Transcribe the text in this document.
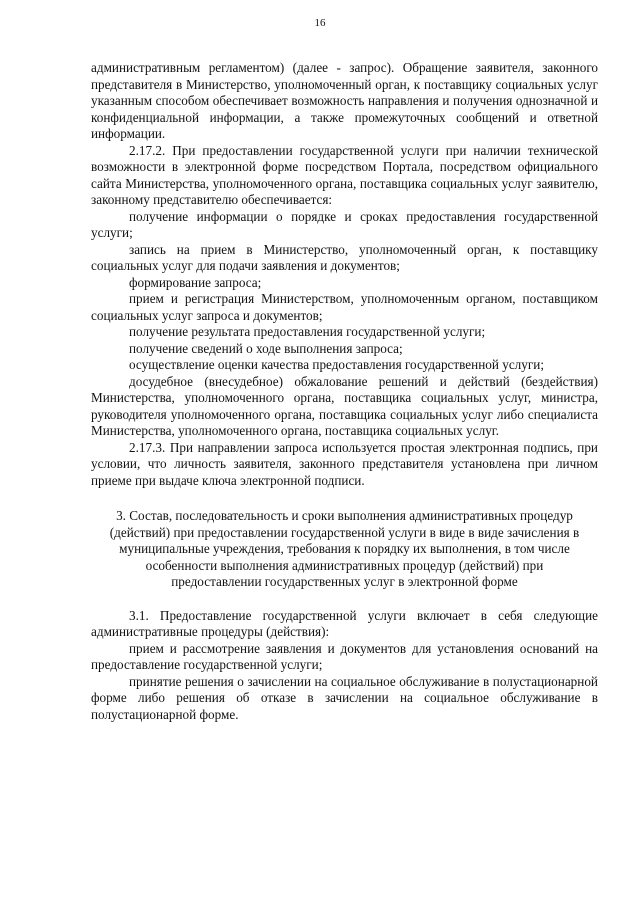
16

административным регламентом) (далее - запрос). Обращение заявителя, законного представителя в Министерство, уполномоченный орган, к поставщику социальных услуг указанным способом обеспечивает возможность направления и получения однозначной и конфиденциальной информации, а также промежуточных сообщений и ответной информации.

2.17.2. При предоставлении государственной услуги при наличии технической возможности в электронной форме посредством Портала, посредством официального сайта Министерства, уполномоченного органа, поставщика социальных услуг заявителю, законному представителю обеспечивается:

получение информации о порядке и сроках предоставления государственной услуги;

запись на прием в Министерство, уполномоченный орган, к поставщику социальных услуг для подачи заявления и документов;

формирование запроса;

прием и регистрация Министерством, уполномоченным органом, поставщиком социальных услуг запроса и документов;

получение результата предоставления государственной услуги;

получение сведений о ходе выполнения запроса;

осуществление оценки качества предоставления государственной услуги;

досудебное (внесудебное) обжалование решений и действий (бездействия) Министерства, уполномоченного органа, поставщика социальных услуг, министра, руководителя уполномоченного органа, поставщика социальных услуг либо специалиста Министерства, уполномоченного органа, поставщика социальных услуг.

2.17.3. При направлении запроса используется простая электронная подпись, при условии, что личность заявителя, законного представителя установлена при личном приеме при выдаче ключа электронной подписи.

3. Состав, последовательность и сроки выполнения административных процедур (действий) при предоставлении государственной услуги в виде в виде зачисления в муниципальные учреждения, требования к порядку их выполнения, в том числе особенности выполнения административных процедур (действий) при предоставлении государственных услуг в электронной форме

3.1. Предоставление государственной услуги включает в себя следующие административные процедуры (действия):

прием и рассмотрение заявления и документов для установления оснований на предоставление государственной услуги;

принятие решения о зачислении на социальное обслуживание в полустационарной форме либо решения об отказе в зачислении на социальное обслуживание в полустационарной форме.
